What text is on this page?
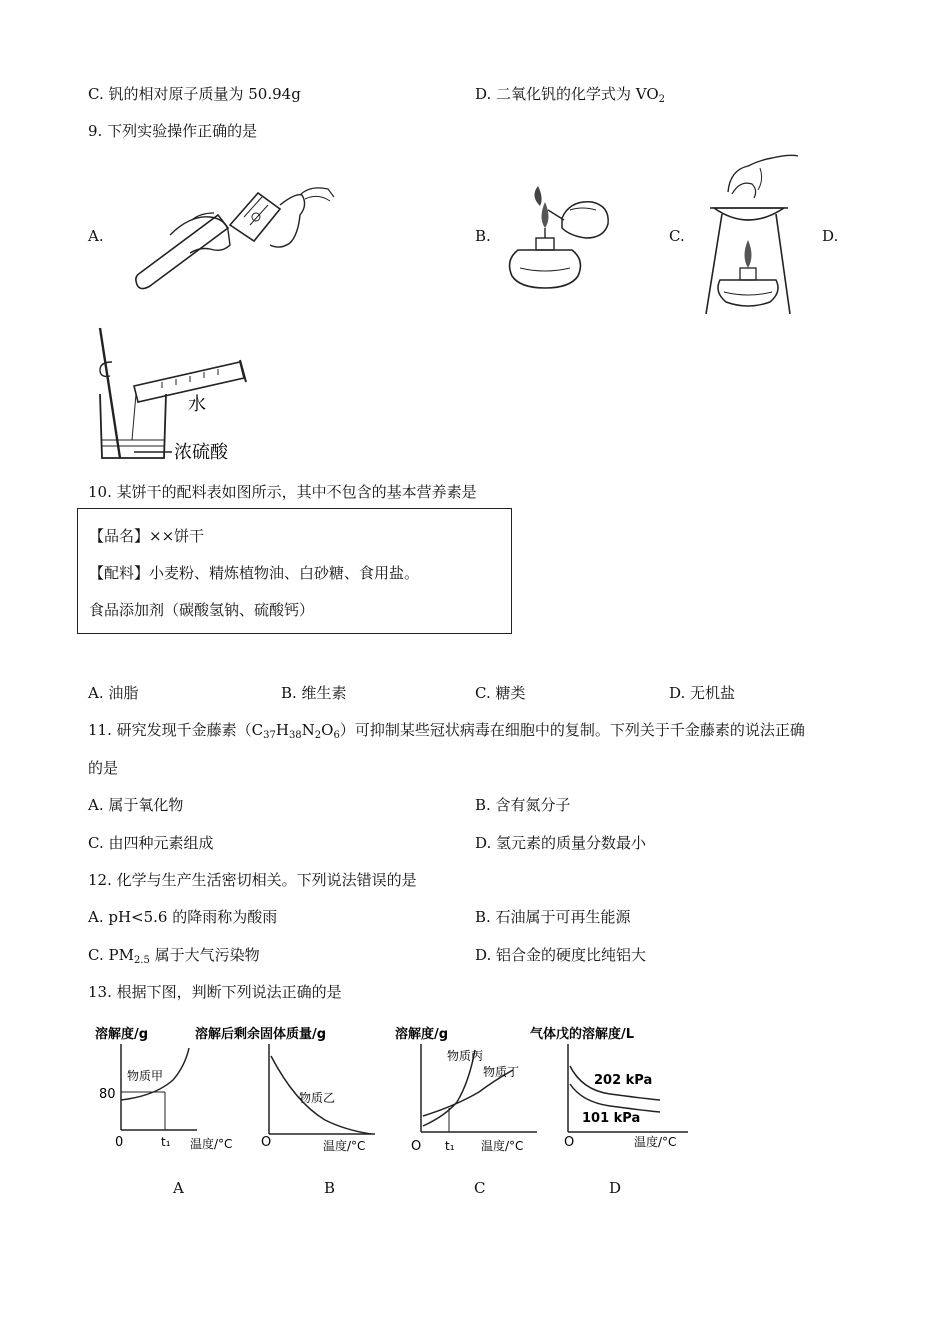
C. 钒的相对原子质量为 50.94g	D. 二氧化钒的化学式为 $VO_2$
9. 下列实验操作正确的是
A.	B.	C.	D.
水
浓硫酸
10. 某饼干的配料表如图所示，其中不包含的基本营养素是
【品名】××饼干
【配料】小麦粉、精炼植物油、白砂糖、食用盐。
食品添加剂（碳酸氢钠、硫酸钙）
A. 油脂	B. 维生素	C. 糖类	D. 无机盐
11. 研究发现千金藤素$(C_{37}H_{38}N_2O_6)$可抑制某些冠状病毒在细胞中的复制。下列关于千金藤素的说法正确
的是
A. 属于氧化物	B. 含有氮分子
C. 由四种元素组成	D. 氢元素的质量分数最小
12. 化学与生产生活密切相关。下列说法错误的是
A. pH<5.6 的降雨称为酸雨	B. 石油属于可再生能源
C. $PM_{2.5}$ 属于大气污染物	D. 铝合金的硬度比纯铝大
13. 根据下图，判断下列说法正确的是
溶解度/g
物质甲
80
0	t₁ 温度/°C
A
溶解后剩余固体质量/g
物质乙
O	温度/°C
B
溶解度/g
物质丙
物质丁
O t₁ 温度/°C
C
气体戊的溶解度/L
202 kPa
101 kPa
O	温度/°C
D
